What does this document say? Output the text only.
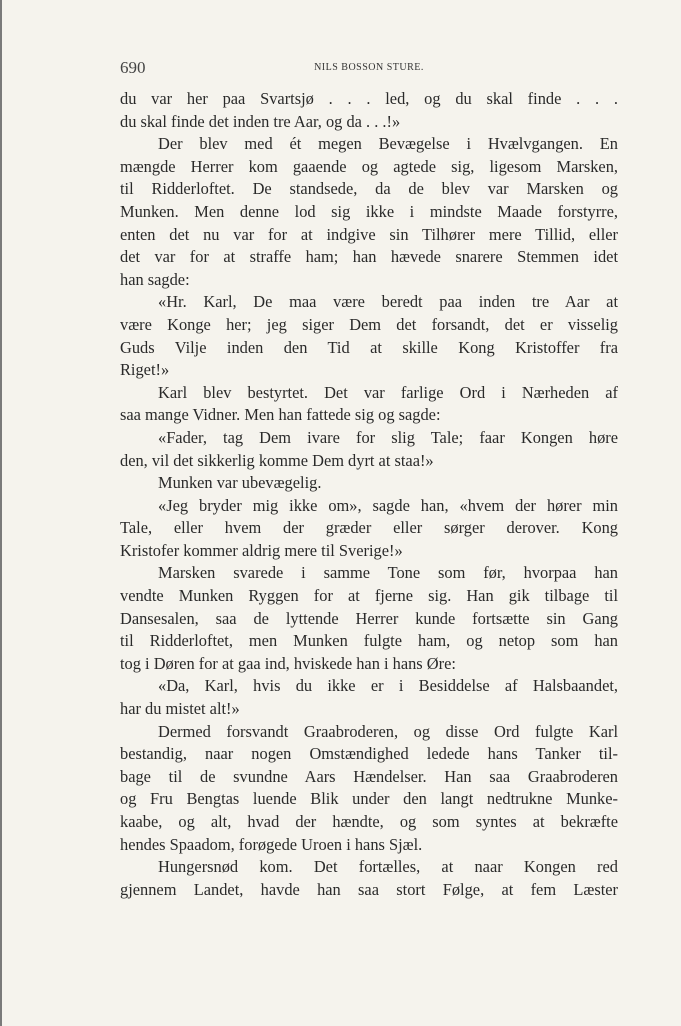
690	NILS BOSSON STURE.
du var her paa Svartsjø . . . led, og du skal finde . . .
du skal finde det inden tre Aar, og da . . .!»
Der blev med ét megen Bevægelse i Hvælvgangen. En
mængde Herrer kom gaaende og agtede sig, ligesom Marsken,
til Ridderloftet. De standsede, da de blev var Marsken og
Munken. Men denne lod sig ikke i mindste Maade forstyrre,
enten det nu var for at indgive sin Tilhører mere Tillid, eller
det var for at straffe ham; han hævede snarere Stemmen idet
han sagde:
«Hr. Karl, De maa være beredt paa inden tre Aar at
være Konge her; jeg siger Dem det forsandt, det er visselig
Guds Vilje inden den Tid at skille Kong Kristoffer fra
Riget!»
Karl blev bestyrtet. Det var farlige Ord i Nærheden af
saa mange Vidner. Men han fattede sig og sagde:
«Fader, tag Dem ivare for slig Tale; faar Kongen høre
den, vil det sikkerlig komme Dem dyrt at staa!»
Munken var ubevægelig.
«Jeg bryder mig ikke om», sagde han, «hvem der hører min
Tale, eller hvem der græder eller sørger derover. Kong
Kristofer kommer aldrig mere til Sverige!»
Marsken svarede i samme Tone som før, hvorpaa han
vendte Munken Ryggen for at fjerne sig. Han gik tilbage til
Dansesalen, saa de lyttende Herrer kunde fortsætte sin Gang
til Ridderloftet, men Munken fulgte ham, og netop som han
tog i Døren for at gaa ind, hviskede han i hans Øre:
«Da, Karl, hvis du ikke er i Besiddelse af Halsbaandet,
har du mistet alt!»
Dermed forsvandt Graabroderen, og disse Ord fulgte Karl
bestandig, naar nogen Omstændighed ledede hans Tanker til-
bage til de svundne Aars Hændelser. Han saa Graabroderen
og Fru Bengtas luende Blik under den langt nedtrukne Munke-
kaabe, og alt, hvad der hændte, og som syntes at bekræfte
hendes Spaadom, forøgede Uroen i hans Sjæl.
Hungersnød kom. Det fortælles, at naar Kongen red
gjennem Landet, havde han saa stort Følge, at fem Læster
